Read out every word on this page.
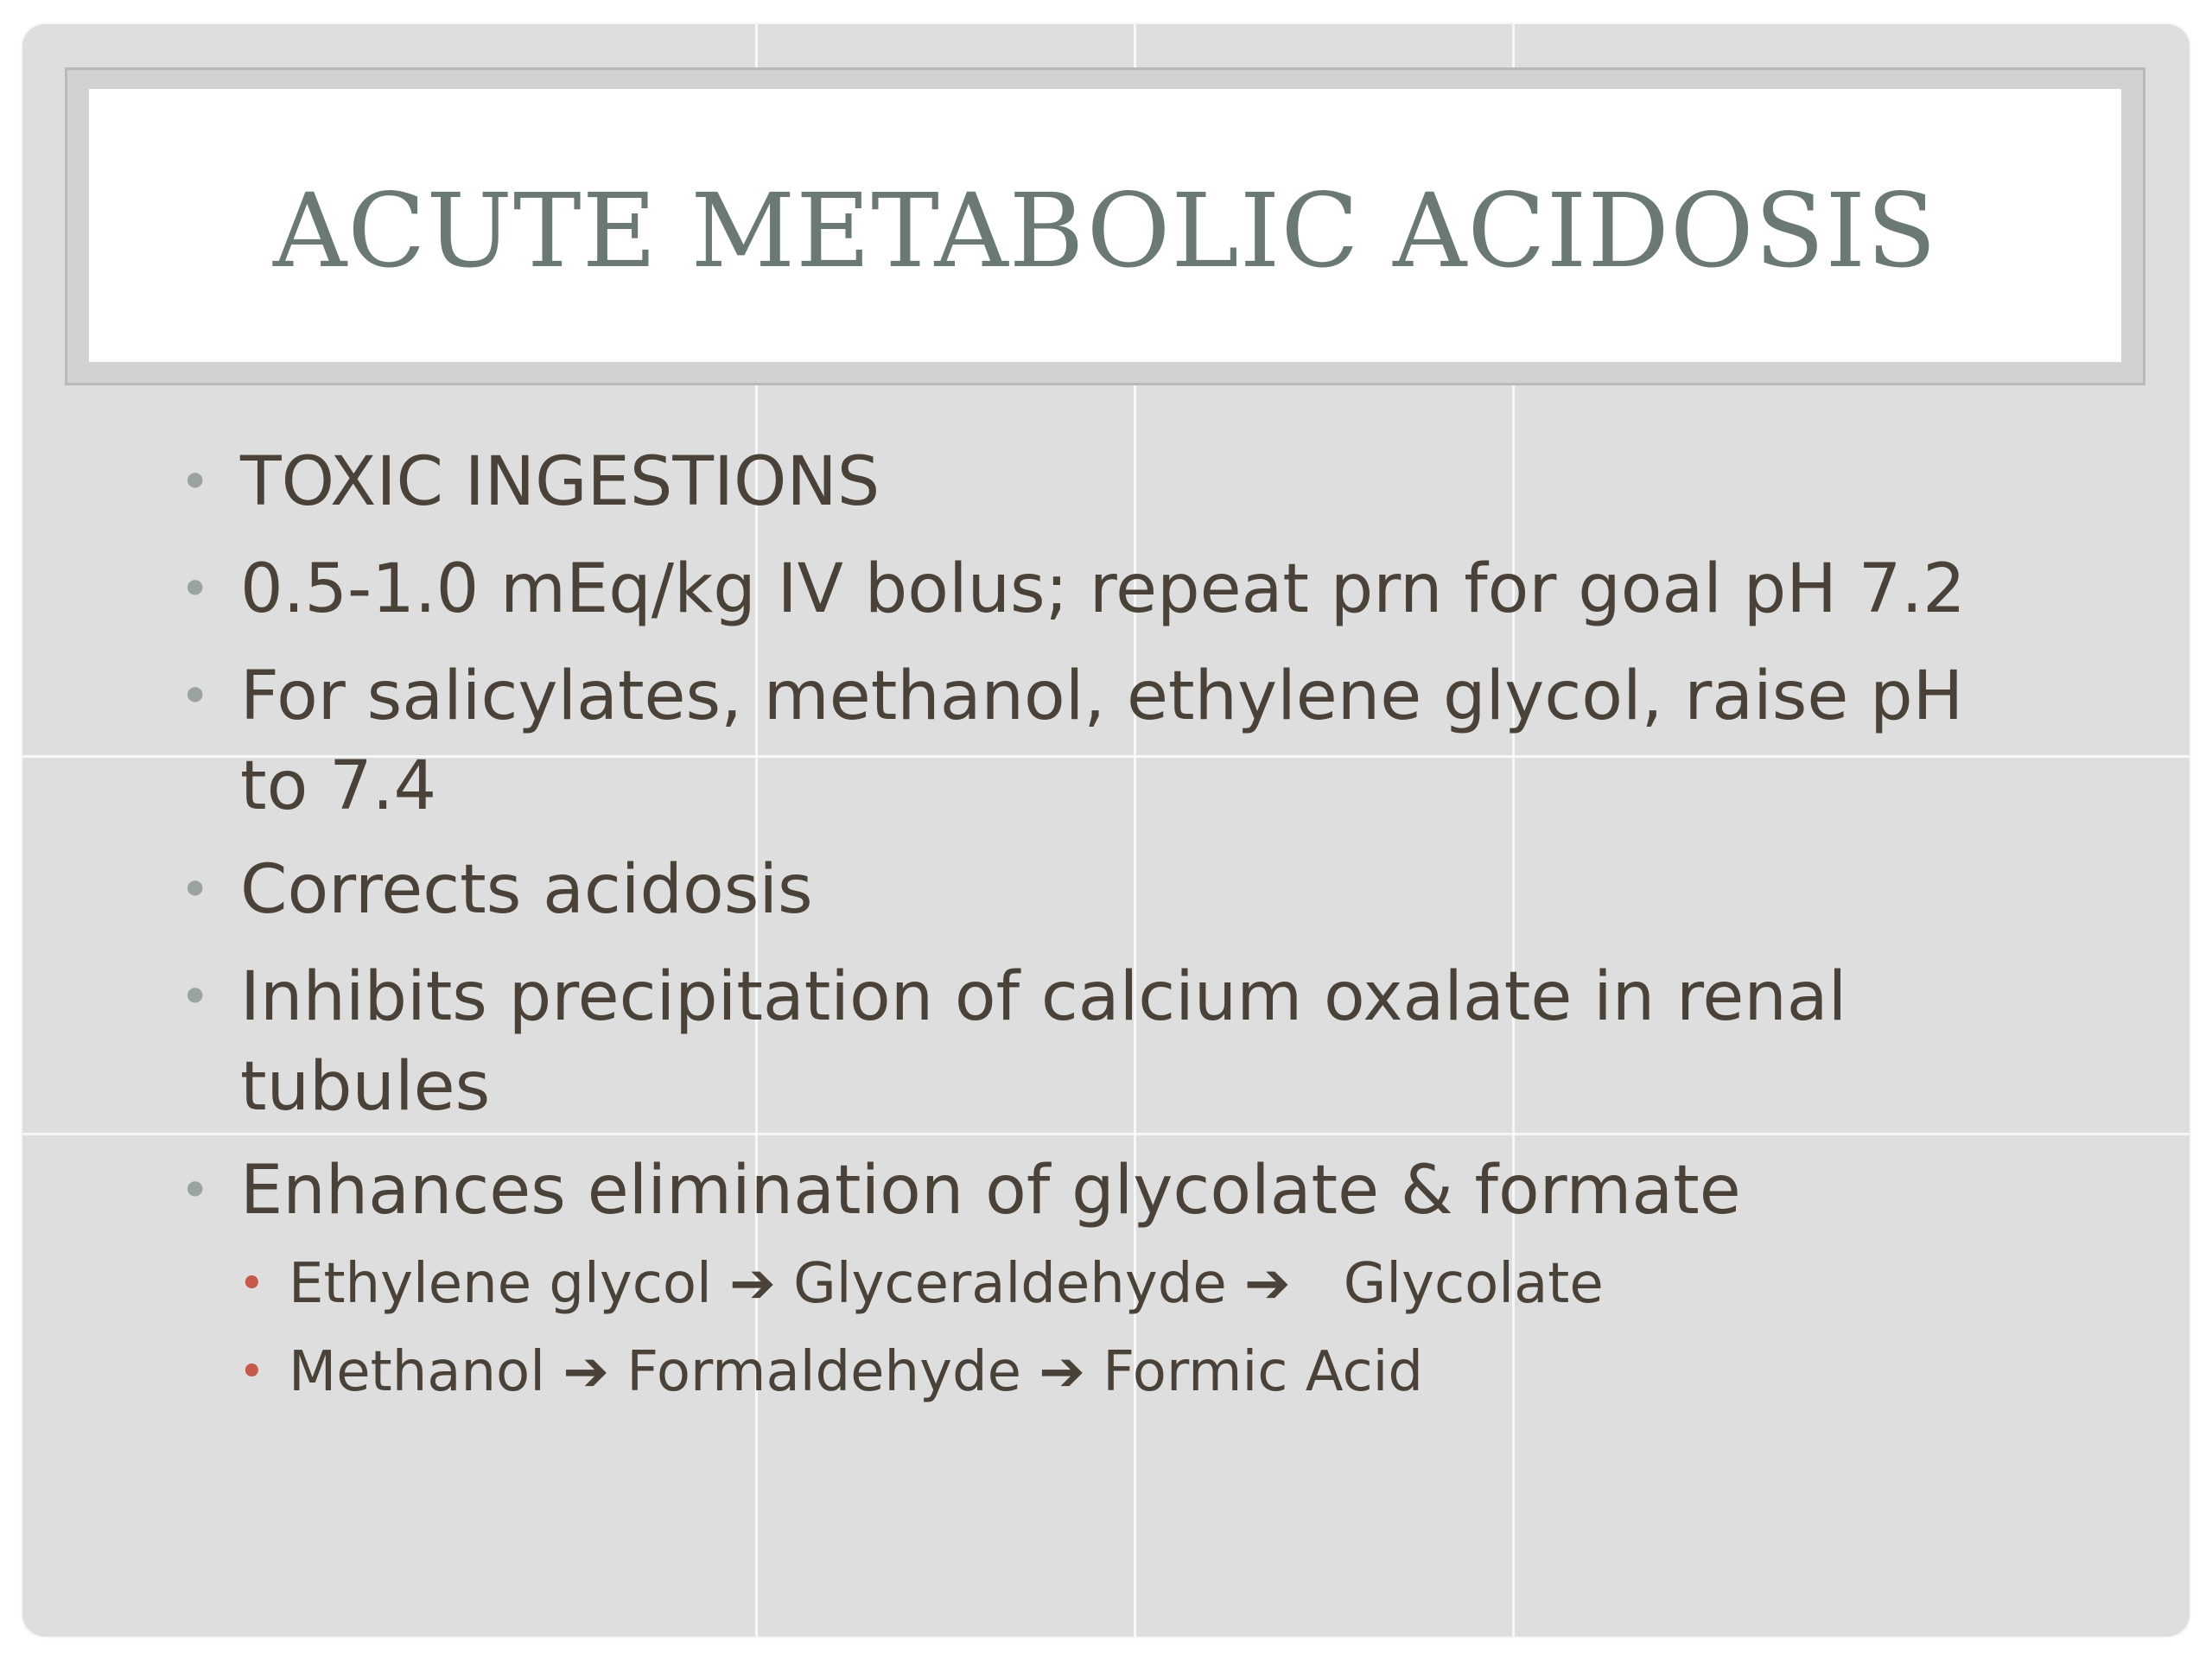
ACUTE METABOLIC ACIDOSIS
• TOXIC INGESTIONS
• 0.5-1.0 mEq/kg IV bolus; repeat prn for goal pH 7.2
• For salicylates, methanol, ethylene glycol, raise pH
to 7.4
• Corrects acidosis
• Inhibits precipitation of calcium oxalate in renal
tubules
• Enhances elimination of glycolate & formate
• Ethylene glycol ➔ Glyceraldehyde ➔   Glycolate
• Methanol ➔ Formaldehyde ➔ Formic Acid
